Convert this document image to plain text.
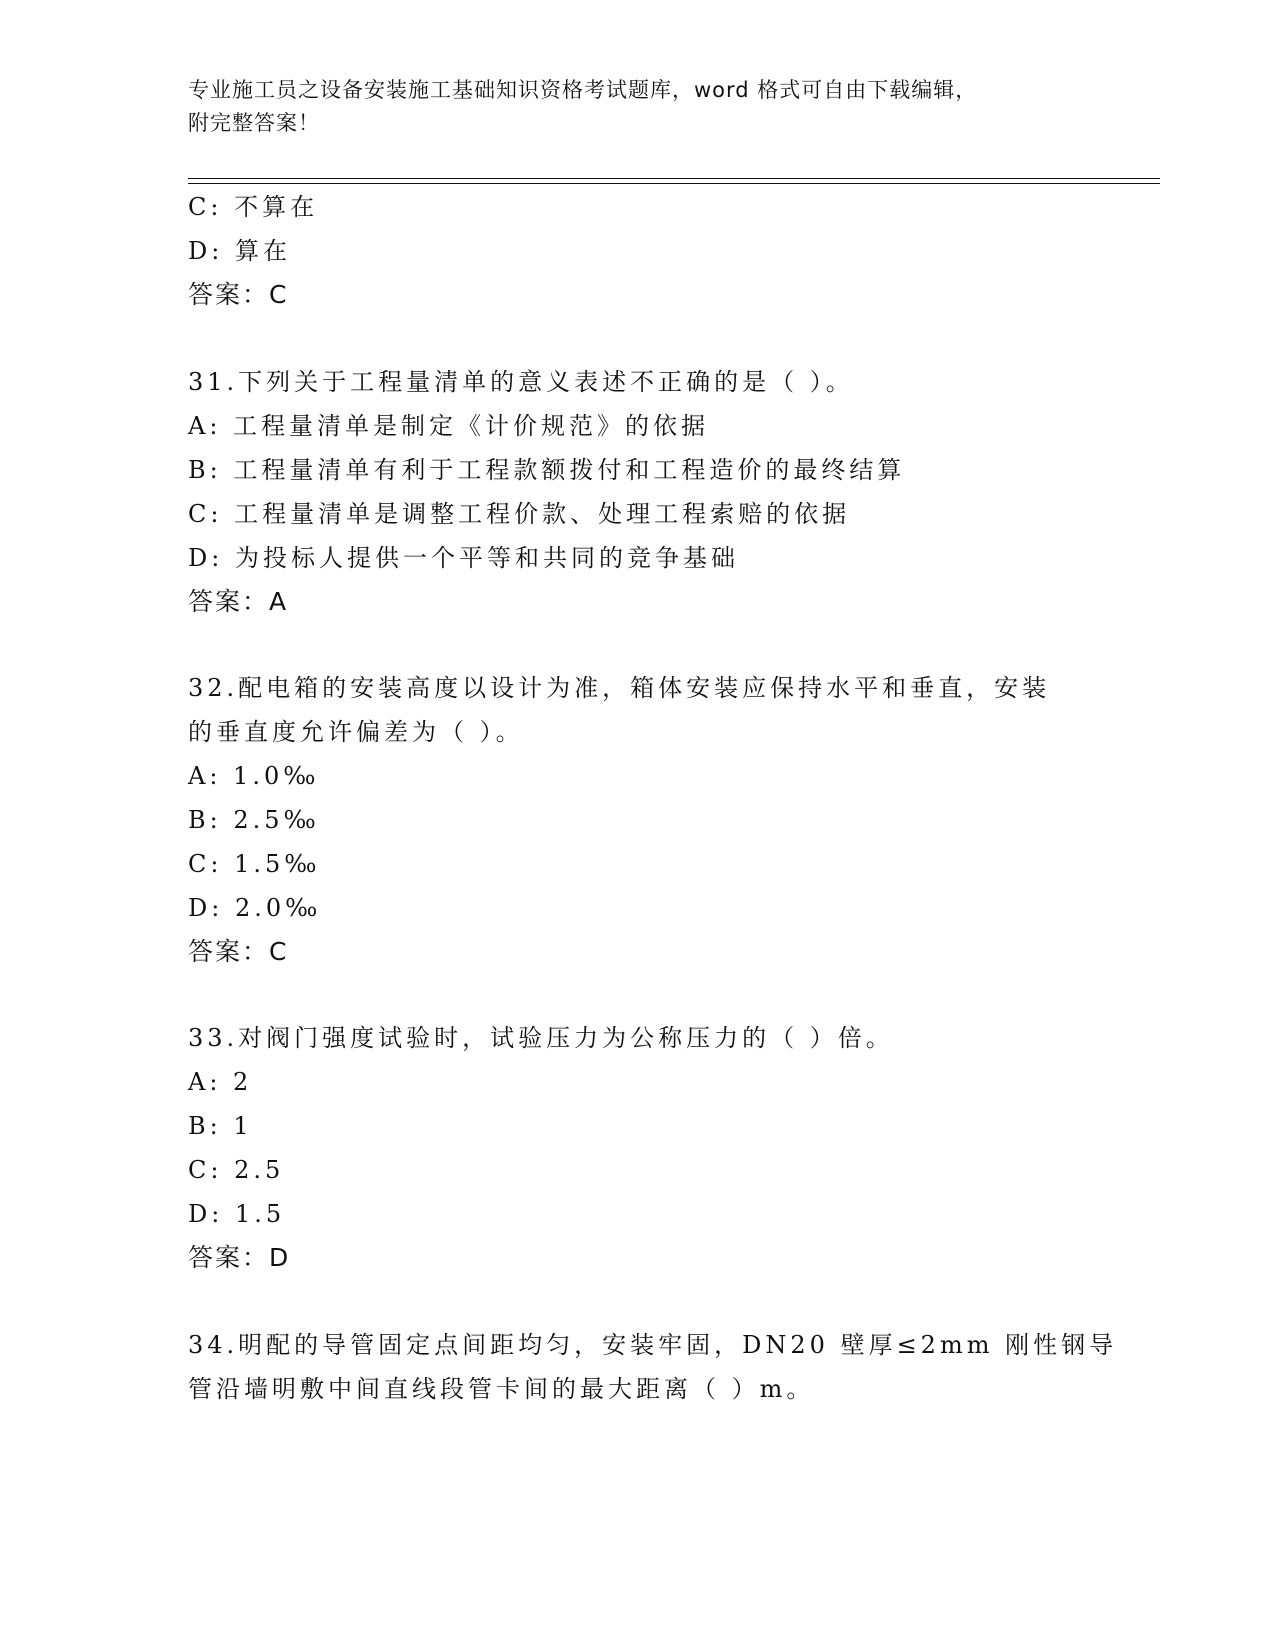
专业施工员之设备安装施工基础知识资格考试题库，word 格式可自由下载编辑，
附完整答案！

C: 不算在

D: 算在

答案：C

31.下列关于工程量清单的意义表述不正确的是（ ）。

A: 工程量清单是制定《计价规范》的依据

B: 工程量清单有利于工程款额拨付和工程造价的最终结算

C: 工程量清单是调整工程价款、处理工程索赔的依据

D: 为投标人提供一个平等和共同的竞争基础

答案：A

32.配电箱的安装高度以设计为准，箱体安装应保持水平和垂直，安装

的垂直度允许偏差为（ ）。

A: 1.0‰

B: 2.5‰

C: 1.5‰

D: 2.0‰

答案：C

33.对阀门强度试验时，试验压力为公称压力的（ ）倍。

A: 2

B: 1

C: 2.5

D: 1.5

答案：D

34.明配的导管固定点间距均匀，安装牢固，DN20 壁厚≤2mm 刚性钢导

管沿墙明敷中间直线段管卡间的最大距离（ ）m。
